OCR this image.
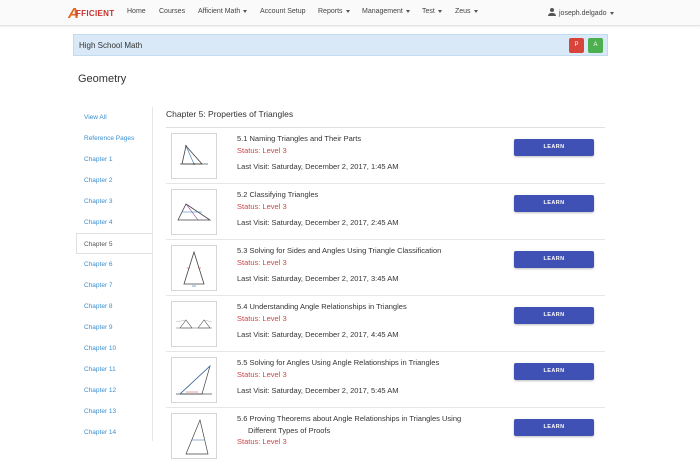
A
FFICIENT Home Courses Afficient Math	Account Setup Reports	Management	Test	Zeus	joseph.delgado
High School Math	P	A
Geometry
View All
Reference Pages
Chapter 1
Chapter 2
Chapter 3
Chapter 4
Chapter 5
Chapter 6
Chapter 7
Chapter 8
Chapter 9
Chapter 10
Chapter 11
Chapter 12
Chapter 13
Chapter 14
Chapter 5: Properties of Triangles
5.1 Naming Triangles and Their Parts
Status: Level 3
Last Visit: Saturday, December 2, 2017, 1:45 AM
LEARN
5.2 Classifying Triangles
Status: Level 3
Last Visit: Saturday, December 2, 2017, 2:45 AM
LEARN
5.3 Solving for Sides and Angles Using Triangle Classification
Status: Level 3
Last Visit: Saturday, December 2, 2017, 3:45 AM
LEARN
5.4 Understanding Angle Relationships in Triangles
Status: Level 3
Last Visit: Saturday, December 2, 2017, 4:45 AM
LEARN
5.5 Solving for Angles Using Angle Relationships in Triangles
Status: Level 3
Last Visit: Saturday, December 2, 2017, 5:45 AM
LEARN
5.6 Proving Theorems about Angle Relationships in Triangles Using
Different Types of Proofs
Status: Level 3
LEARN
